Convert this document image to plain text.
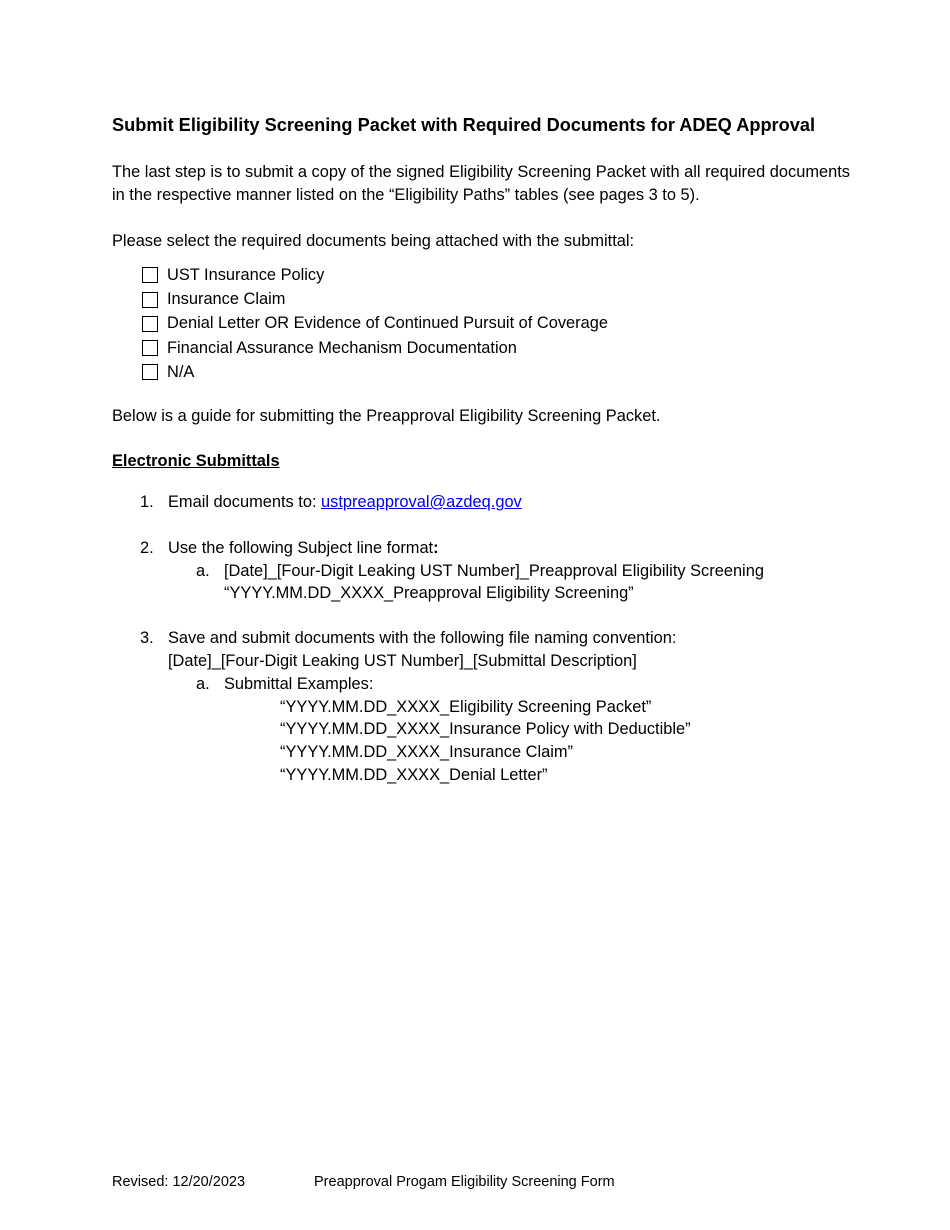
Submit Eligibility Screening Packet with Required Documents for ADEQ Approval

The last step is to submit a copy of the signed Eligibility Screening Packet with all required documents in the respective manner listed on the “Eligibility Paths” tables (see pages 3 to 5).

Please select the required documents being attached with the submittal:

UST Insurance Policy
Insurance Claim
Denial Letter OR Evidence of Continued Pursuit of Coverage
Financial Assurance Mechanism Documentation
N/A

Below is a guide for submitting the Preapproval Eligibility Screening Packet.

Electronic Submittals

1. Email documents to: ustpreapproval@azdeq.gov
2. Use the following Subject line format:
a. [Date]_[Four-Digit Leaking UST Number]_Preapproval Eligibility Screening
“YYYY.MM.DD_XXXX_Preapproval Eligibility Screening”
3. Save and submit documents with the following file naming convention:
[Date]_[Four-Digit Leaking UST Number]_[Submittal Description]
a. Submittal Examples:
“YYYY.MM.DD_XXXX_Eligibility Screening Packet”
“YYYY.MM.DD_XXXX_Insurance Policy with Deductible”
“YYYY.MM.DD_XXXX_Insurance Claim”
“YYYY.MM.DD_XXXX_Denial Letter”
Revised: 12/20/2023	Preapproval Progam Eligibility Screening Form
